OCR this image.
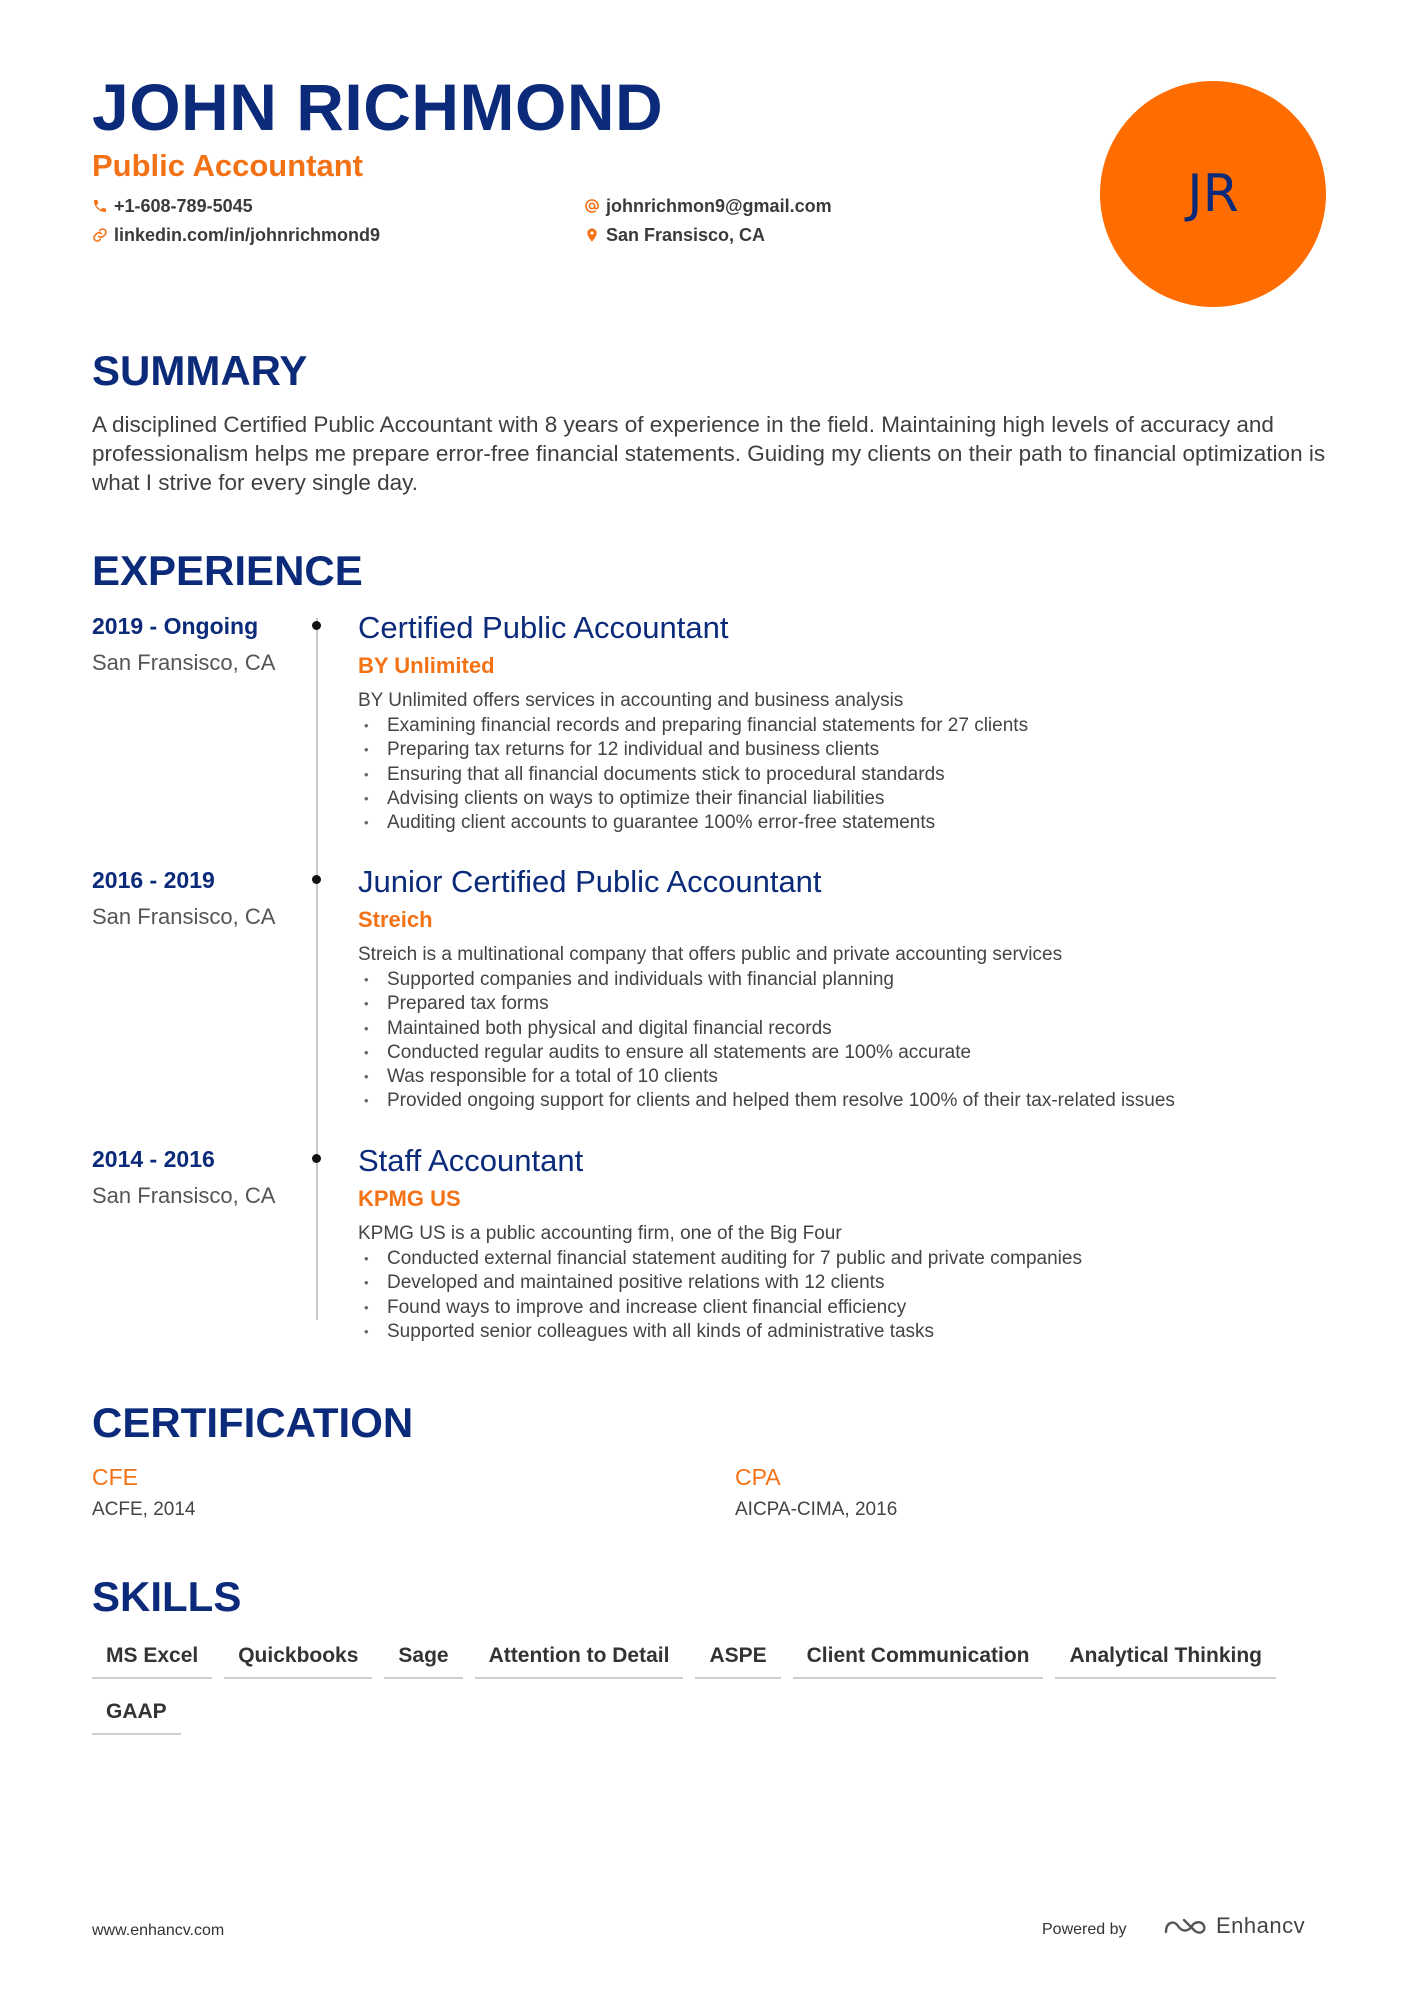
JOHN RICHMOND
Public Accountant
+1-608-789-5045	johnrichmon9@gmail.com
linkedin.com/in/johnrichmond9	San Fransisco, CA
JR
SUMMARY

A disciplined Certified Public Accountant with 8 years of experience in the field. Maintaining high levels of accuracy and professionalism helps me prepare error-free financial statements. Guiding my clients on their path to financial optimization is what I strive for every single day.

EXPERIENCE
2019 - Ongoing
San Fransisco, CA
Certified Public Accountant
BY Unlimited
BY Unlimited offers services in accounting and business analysis
• Examining financial records and preparing financial statements for 27 clients
• Preparing tax returns for 12 individual and business clients
• Ensuring that all financial documents stick to procedural standards
• Advising clients on ways to optimize their financial liabilities
• Auditing client accounts to guarantee 100% error-free statements
2016 - 2019
San Fransisco, CA
Junior Certified Public Accountant
Streich
Streich is a multinational company that offers public and private accounting services
• Supported companies and individuals with financial planning
• Prepared tax forms
• Maintained both physical and digital financial records
• Conducted regular audits to ensure all statements are 100% accurate
• Was responsible for a total of 10 clients
• Provided ongoing support for clients and helped them resolve 100% of their tax-related issues
2014 - 2016
San Fransisco, CA
Staff Accountant
KPMG US
KPMG US is a public accounting firm, one of the Big Four
• Conducted external financial statement auditing for 7 public and private companies
• Developed and maintained positive relations with 12 clients
• Found ways to improve and increase client financial efficiency
• Supported senior colleagues with all kinds of administrative tasks
CERTIFICATION
CFE
ACFE, 2014
CPA
AICPA-CIMA, 2016
SKILLS
MS Excel	Quickbooks	Sage	Attention to Detail	ASPE	Client Communication	Analytical Thinking
GAAP
www.enhancv.com	Powered by	Enhancv
